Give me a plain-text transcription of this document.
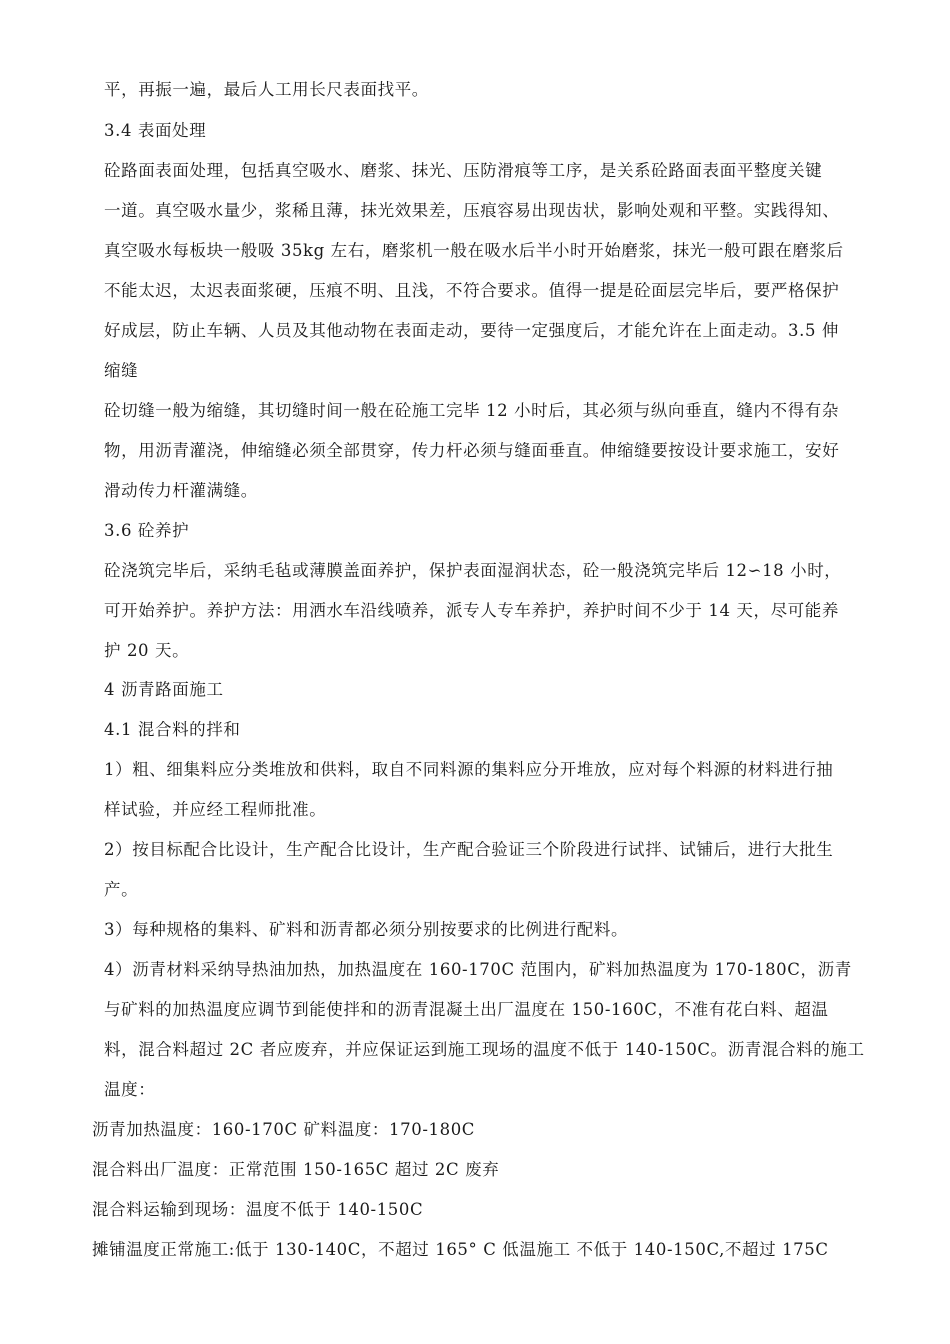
平，再振一遍，最后人工用长尺表面找平。
3.4 表面处理
砼路面表面处理，包括真空吸水、磨浆、抹光、压防滑痕等工序，是关系砼路面表面平整度关键
一道。真空吸水量少，浆稀且薄，抹光效果差，压痕容易出现齿状，影响处观和平整。实践得知、
真空吸水每板块一般吸 35kg 左右，磨浆机一般在吸水后半小时开始磨浆，抹光一般可跟在磨浆后
不能太迟，太迟表面浆硬，压痕不明、且浅，不符合要求。值得一提是砼面层完毕后，要严格保护
好成层，防止车辆、人员及其他动物在表面走动，要待一定强度后，才能允许在上面走动。3.5 伸
缩缝
砼切缝一般为缩缝，其切缝时间一般在砼施工完毕 12 小时后，其必须与纵向垂直，缝内不得有杂
物，用沥青灌浇，伸缩缝必须全部贯穿，传力杆必须与缝面垂直。伸缩缝要按设计要求施工，安好
滑动传力杆灌满缝。
3.6 砼养护
砼浇筑完毕后，采纳毛毡或薄膜盖面养护，保护表面湿润状态，砼一般浇筑完毕后 12∽18 小时，
可开始养护。养护方法：用洒水车沿线喷养，派专人专车养护，养护时间不少于 14 天，尽可能养
护 20 天。
4 沥青路面施工
4.1 混合料的拌和
1）粗、细集料应分类堆放和供料，取自不同料源的集料应分开堆放，应对每个料源的材料进行抽
样试验，并应经工程师批准。
2）按目标配合比设计，生产配合比设计，生产配合验证三个阶段进行试拌、试铺后，进行大批生
产。
3）每种规格的集料、矿料和沥青都必须分别按要求的比例进行配料。
4）沥青材料采纳导热油加热，加热温度在 160-170C 范围内，矿料加热温度为 170-180C，沥青
与矿料的加热温度应调节到能使拌和的沥青混凝土出厂温度在 150-160C，不准有花白料、超温
料，混合料超过 2C 者应废弃，并应保证运到施工现场的温度不低于 140-150C。沥青混合料的施工
温度：
沥青加热温度：160-170C 矿料温度：170-180C
混合料出厂温度：正常范围 150-165C 超过 2C 废弃
混合料运输到现场：温度不低于 140-150C
摊铺温度正常施工:低于 130-140C，不超过 165° C 低温施工 不低于 140-150C,不超过 175C
